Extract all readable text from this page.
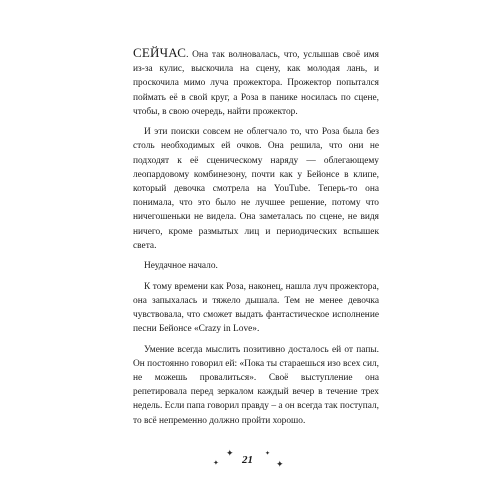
СЕЙЧАС. Она так волновалась, что, услышав своё имя из-за кулис, выскочила на сцену, как молодая лань, и проскочила мимо луча прожектора. Прожектор попытался поймать её в свой круг, а Роза в панике носилась по сцене, чтобы, в свою очередь, найти прожектор.

И эти поиски совсем не облегчало то, что Роза была без столь необходимых ей очков. Она решила, что они не подходят к её сценическому наряду — облегающему леопардовому комбинезону, почти как у Бейонсе в клипе, который девочка смотрела на YouTube. Теперь-то она понимала, что это было не лучшее решение, потому что ничегошеньки не видела. Она заметалась по сцене, не видя ничего, кроме размытых лиц и периодических вспышек света.

Неудачное начало.

К тому времени как Роза, наконец, нашла луч прожектора, она запыхалась и тяжело дышала. Тем не менее девочка чувствовала, что сможет выдать фантастическое исполнение песни Бейонсе «Crazy in Love».

Умение всегда мыслить позитивно досталось ей от папы. Он постоянно говорил ей: «Пока ты стараешься изо всех сил, не можешь провалиться». Своё выступление она репетировала перед зеркалом каждый вечер в течение трех недель. Если папа говорил правду – а он всегда так поступал, то всё непременно должно пройти хорошо.

✦
✦ 21
✦
✦
